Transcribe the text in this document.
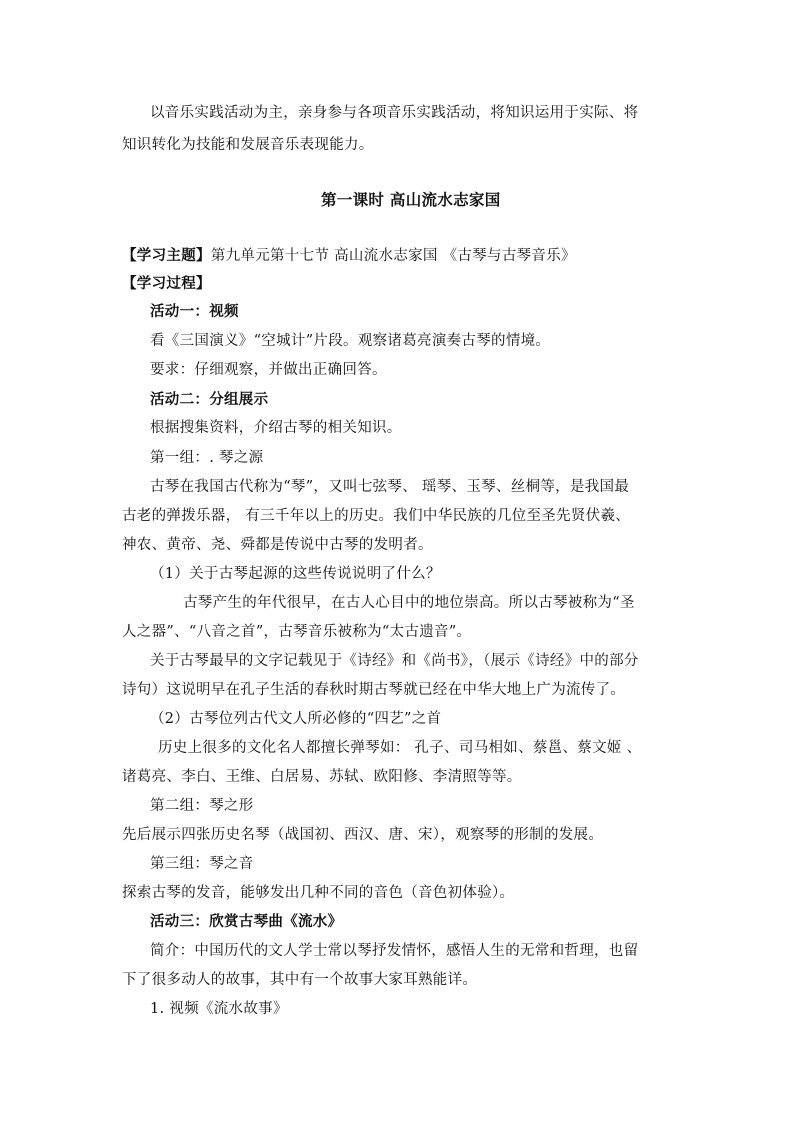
以音乐实践活动为主，亲身参与各项音乐实践活动，将知识运用于实际、将
知识转化为技能和发展音乐表现能力。
第一课时 高山流水志家国
【学习主题】第九单元第十七节 高山流水志家国 《古琴与古琴音乐》
【学习过程】
活动一：视频
看《三国演义》“空城计”片段。观察诸葛亮演奏古琴的情境。
要求：仔细观察，并做出正确回答。
活动二：分组展示
根据搜集资料，介绍古琴的相关知识。
第一组：. 琴之源
古琴在我国古代称为“琴”，又叫七弦琴、 瑶琴、玉琴、丝桐等，是我国最
古老的弹拨乐器， 有三千年以上的历史。我们中华民族的几位至圣先贤伏羲、
神农、黄帝、尧、舜都是传说中古琴的发明者。
（1）关于古琴起源的这些传说说明了什么？
古琴产生的年代很早，在古人心目中的地位崇高。所以古琴被称为“圣
人之器”、“八音之首”，古琴音乐被称为“太古遗音”。
关于古琴最早的文字记载见于《诗经》和《尚书》，（展示《诗经》中的部分
诗句）这说明早在孔子生活的春秋时期古琴就已经在中华大地上广为流传了。
（2）古琴位列古代文人所必修的“四艺”之首
历史上很多的文化名人都擅长弹琴如： 孔子、司马相如、蔡邕、蔡文姬 、
诸葛亮、李白、王维、白居易、苏轼、欧阳修、李清照等等。
第二组：琴之形
先后展示四张历史名琴（战国初、西汉、唐、宋），观察琴的形制的发展。
第三组：琴之音
探索古琴的发音，能够发出几种不同的音色（音色初体验）。
活动三：欣赏古琴曲《流水》
简介：中国历代的文人学士常以琴抒发情怀，感悟人生的无常和哲理，也留
下了很多动人的故事，其中有一个故事大家耳熟能详。
1. 视频《流水故事》
